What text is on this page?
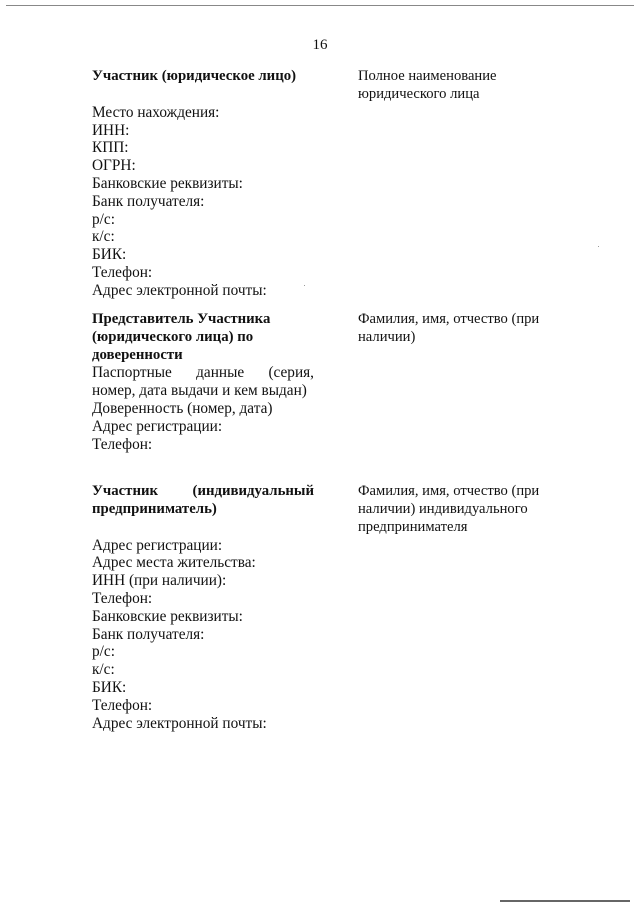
16
Участник (юридическое лицо)
Место нахождения:
ИНН:
КПП:
ОГРН:
Банковские реквизиты:
Банк получателя:
р/с:
к/с:
БИК:
Телефон:
Адрес электронной почты:
Полное наименование
юридического лица
Представитель Участника
(юридического лица) по
доверенности
Паспортные данные (серия,
номер, дата выдачи и кем выдан)
Доверенность (номер, дата)
Адрес регистрации:
Телефон:
Фамилия, имя, отчество (при
наличии)
Участник (индивидуальный
предприниматель)
Адрес регистрации:
Адрес места жительства:
ИНН (при наличии):
Телефон:
Банковские реквизиты:
Банк получателя:
р/с:
к/с:
БИК:
Телефон:
Адрес электронной почты:
Фамилия, имя, отчество (при
наличии) индивидуального
предпринимателя
